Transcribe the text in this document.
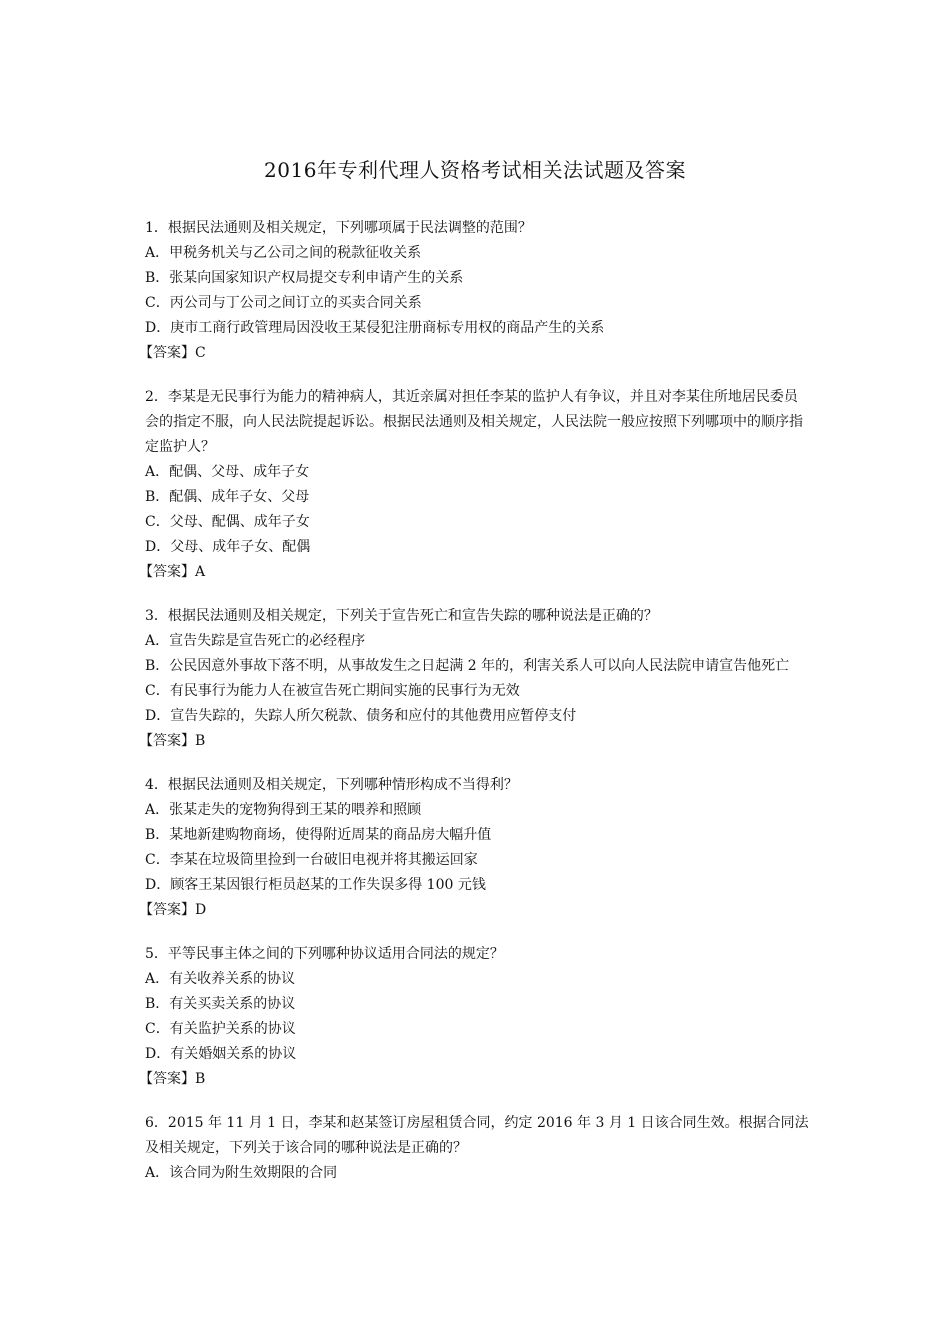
2016年专利代理人资格考试相关法试题及答案
1．根据民法通则及相关规定，下列哪项属于民法调整的范围？
A．甲税务机关与乙公司之间的税款征收关系
B．张某向国家知识产权局提交专利申请产生的关系
C．丙公司与丁公司之间订立的买卖合同关系
D．庚市工商行政管理局因没收王某侵犯注册商标专用权的商品产生的关系
【答案】C
2．李某是无民事行为能力的精神病人，其近亲属对担任李某的监护人有争议，并且对李某住所地居民委员会的指定不服，向人民法院提起诉讼。根据民法通则及相关规定，人民法院一般应按照下列哪项中的顺序指定监护人？
A．配偶、父母、成年子女
B．配偶、成年子女、父母
C．父母、配偶、成年子女
D．父母、成年子女、配偶
【答案】A
3．根据民法通则及相关规定，下列关于宣告死亡和宣告失踪的哪种说法是正确的？
A．宣告失踪是宣告死亡的必经程序
B．公民因意外事故下落不明，从事故发生之日起满 2 年的，利害关系人可以向人民法院申请宣告他死亡
C．有民事行为能力人在被宣告死亡期间实施的民事行为无效
D．宣告失踪的，失踪人所欠税款、债务和应付的其他费用应暂停支付
【答案】B
4．根据民法通则及相关规定，下列哪种情形构成不当得利？
A．张某走失的宠物狗得到王某的喂养和照顾
B．某地新建购物商场，使得附近周某的商品房大幅升值
C．李某在垃圾筒里捡到一台破旧电视并将其搬运回家
D．顾客王某因银行柜员赵某的工作失误多得 100 元钱
【答案】D
5．平等民事主体之间的下列哪种协议适用合同法的规定？
A．有关收养关系的协议
B．有关买卖关系的协议
C．有关监护关系的协议
D．有关婚姻关系的协议
【答案】B
6．2015 年 11 月 1 日，李某和赵某签订房屋租赁合同，约定 2016 年 3 月 1 日该合同生效。根据合同法及相关规定，下列关于该合同的哪种说法是正确的？
A．该合同为附生效期限的合同
